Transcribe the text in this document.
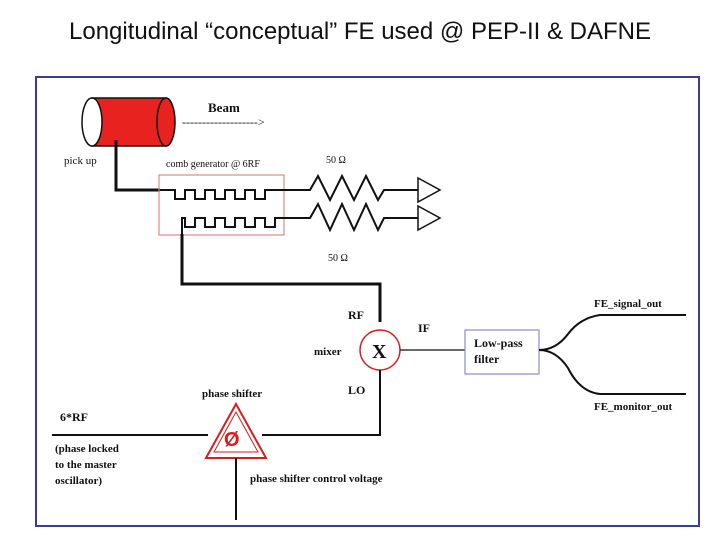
Longitudinal “conceptual” FE used @ PEP-II & DAFNE
pick up
Beam
------------------->
comb generator @ 6RF	50 Ω
50 Ω
X
RF
mixer
IF
LO
Low-pass
filter
FE_signal_out
FE_monitor_out
6*RF
(phase locked
to the master
oscillator)
Ø
phase shifter
phase shifter control voltage
